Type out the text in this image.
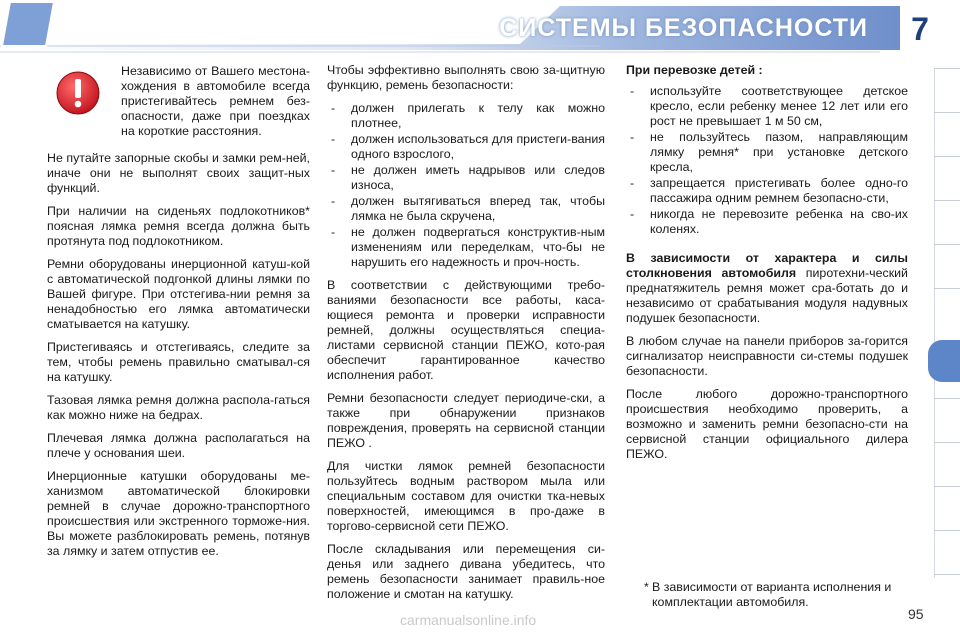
СИСТЕМЫ БЕЗОПАСНОСТИ 7
Независимо от Вашего местона-хождения в автомобиле всегда пристегивайтесь ремнем без-опасности, даже при поездках на короткие расстояния.

Не путайте запорные скобы и замки рем-ней, иначе они не выполнят своих защит-ных функций.

При наличии на сиденьях подлокотников* поясная лямка ремня всегда должна быть протянута под подлокотником.

Ремни оборудованы инерционной катуш-кой с автоматической подгонкой длины лямки по Вашей фигуре. При отстегива-нии ремня за ненадобностью его лямка автоматически сматывается на катушку.

Пристегиваясь и отстегиваясь, следите за тем, чтобы ремень правильно сматывал-ся на катушку.

Тазовая лямка ремня должна распола-гаться как можно ниже на бедрах.

Плечевая лямка должна располагаться на плече у основания шеи.

Инерционные катушки оборудованы ме-ханизмом автоматической блокировки ремней в случае дорожно-транспортного происшествия или экстренного торможе-ния. Вы можете разблокировать ремень, потянув за лямку и затем отпустив ее.

Чтобы эффективно выполнять свою за-щитную функцию, ремень безопасности:

- должен прилегать к телу как можно плотнее,
- должен использоваться для пристеги-вания одного взрослого,
- не должен иметь надрывов или следов износа,
- должен вытягиваться вперед так, чтобы лямка не была скручена,
- не должен подвергаться конструктив-ным изменениям или переделкам, что-бы не нарушить его надежность и проч-ность.

В соответствии с действующими требо-ваниями безопасности все работы, каса-ющиеся ремонта и проверки исправности ремней, должны осуществляться специа-листами сервисной станции ПЕЖО, кото-рая обеспечит гарантированное качество исполнения работ.

Ремни безопасности следует периодиче-ски, а также при обнаружении признаков повреждения, проверять на сервисной станции ПЕЖО .

Для чистки лямок ремней безопасности пользуйтесь водным раствором мыла или специальным составом для очистки тка-невых поверхностей, имеющимся в про-даже в торгово-сервисной сети ПЕЖО.

После складывания или перемещения си-денья или заднего дивана убедитесь, что ремень безопасности занимает правиль-ное положение и смотан на катушку.

При перевозке детей :
- используйте соответствующее детское кресло, если ребенку менее 12 лет или его рост не превышает 1 м 50 см,
- не пользуйтесь пазом, направляющим лямку ремня* при установке детского кресла,
- запрещается пристегивать более одно-го пассажира одним ремнем безопасно-сти,
- никогда не перевозите ребенка на сво-их коленях.

В зависимости от характера и силы столкновения автомобиля пиротехни-ческий преднатяжитель ремня может сра-ботать до и независимо от срабатывания модуля надувных подушек безопасности.

В любом случае на панели приборов за-горится сигнализатор неисправности си-стемы подушек безопасности.

После любого дорожно-транспортного происшествия необходимо проверить, а возможно и заменить ремни безопасно-сти на сервисной станции официального дилера ПЕЖО.

* В зависимости от варианта исполнения и комплектации автомобиля.
carmanualsonline.info	95
